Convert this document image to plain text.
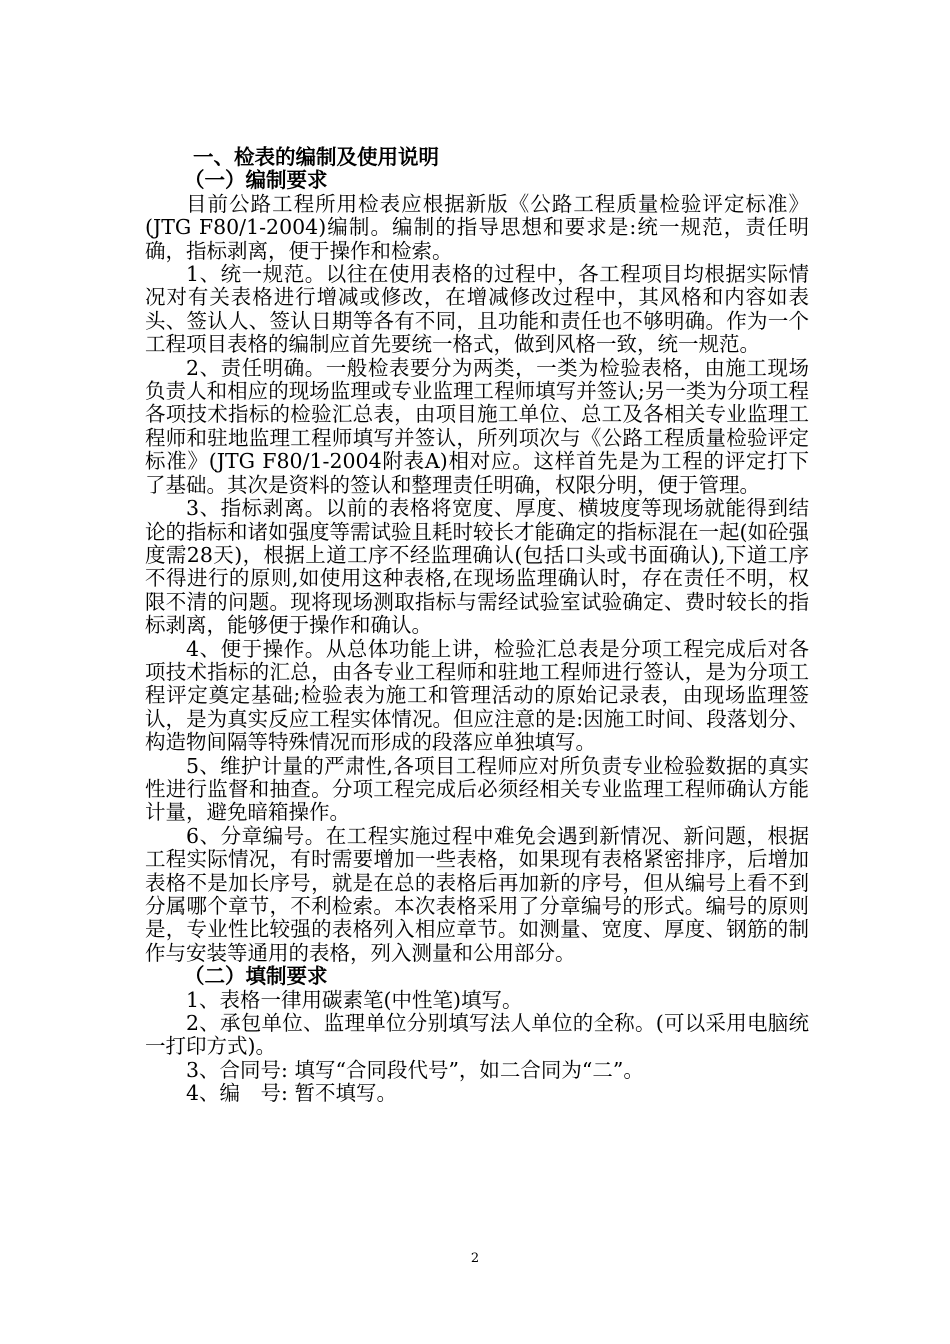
一、检表的编制及使用说明

（一）编制要求

目前公路工程所用检表应根据新版《公路工程质量检验评定标准》(JTG F80/1-2004)编制。编制的指导思想和要求是:统一规范，责任明确，指标剥离，便于操作和检索。

1、统一规范。以往在使用表格的过程中，各工程项目均根据实际情况对有关表格进行增减或修改，在增减修改过程中，其风格和内容如表头、签认人、签认日期等各有不同，且功能和责任也不够明确。作为一个工程项目表格的编制应首先要统一格式，做到风格一致，统一规范。

2、责任明确。一般检表要分为两类，一类为检验表格，由施工现场负责人和相应的现场监理或专业监理工程师填写并签认;另一类为分项工程各项技术指标的检验汇总表，由项目施工单位、总工及各相关专业监理工程师和驻地监理工程师填写并签认，所列项次与《公路工程质量检验评定标准》(JTG F80/1-2004附表A)相对应。这样首先是为工程的评定打下了基础。其次是资料的签认和整理责任明确，权限分明，便于管理。

3、指标剥离。以前的表格将宽度、厚度、横坡度等现场就能得到结论的指标和诸如强度等需试验且耗时较长才能确定的指标混在一起(如砼强度需28天)，根据上道工序不经监理确认(包括口头或书面确认),下道工序不得进行的原则,如使用这种表格,在现场监理确认时，存在责任不明，权限不清的问题。现将现场测取指标与需经试验室试验确定、费时较长的指标剥离，能够便于操作和确认。

4、便于操作。从总体功能上讲，检验汇总表是分项工程完成后对各项技术指标的汇总，由各专业工程师和驻地工程师进行签认，是为分项工程评定奠定基础;检验表为施工和管理活动的原始记录表，由现场监理签认，是为真实反应工程实体情况。但应注意的是:因施工时间、段落划分、构造物间隔等特殊情况而形成的段落应单独填写。

5、维护计量的严肃性,各项目工程师应对所负责专业检验数据的真实性进行监督和抽查。分项工程完成后必须经相关专业监理工程师确认方能计量，避免暗箱操作。

6、分章编号。在工程实施过程中难免会遇到新情况、新问题，根据工程实际情况，有时需要增加一些表格，如果现有表格紧密排序，后增加表格不是加长序号，就是在总的表格后再加新的序号，但从编号上看不到分属哪个章节，不利检索。本次表格采用了分章编号的形式。编号的原则是，专业性比较强的表格列入相应章节。如测量、宽度、厚度、钢筋的制作与安装等通用的表格，列入测量和公用部分。

（二）填制要求

1、表格一律用碳素笔(中性笔)填写。

2、承包单位、监理单位分别填写法人单位的全称。(可以采用电脑统一打印方式)。

3、合同号: 填写“合同段代号”，如二合同为“二”。

4、编　号: 暂不填写。

2
